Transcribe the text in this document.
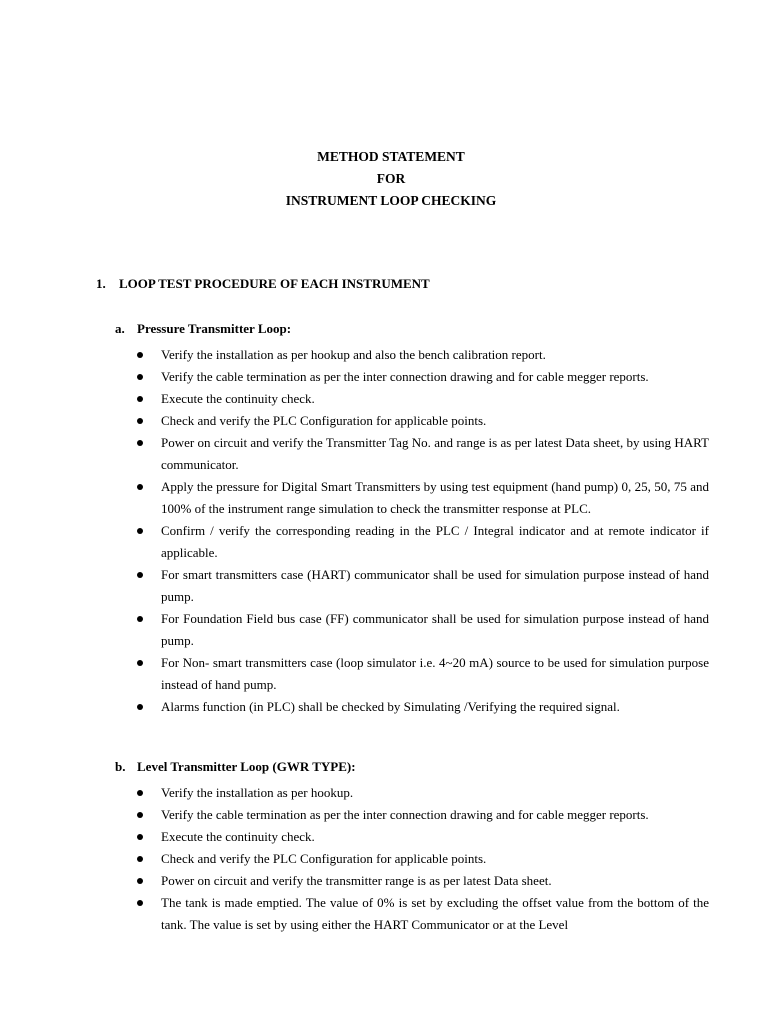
METHOD STATEMENT
FOR
INSTRUMENT LOOP CHECKING
1. LOOP TEST PROCEDURE OF EACH INSTRUMENT
a. Pressure Transmitter Loop:
Verify the installation as per hookup and also the bench calibration report.
Verify the cable termination as per the inter connection drawing and for cable megger reports.
Execute the continuity check.
Check and verify the PLC Configuration for applicable points.
Power on circuit and verify the Transmitter Tag No. and range is as per latest Data sheet, by using HART communicator.
Apply the pressure for Digital Smart Transmitters by using test equipment (hand pump) 0, 25, 50, 75 and 100% of the instrument range simulation to check the transmitter response at PLC.
Confirm / verify the corresponding reading in the PLC / Integral indicator and at remote indicator if applicable.
For smart transmitters case (HART) communicator shall be used for simulation purpose instead of hand pump.
For Foundation Field bus case (FF) communicator shall be used for simulation purpose instead of hand pump.
For Non- smart transmitters case (loop simulator i.e. 4~20 mA) source to be used for simulation purpose instead of hand pump.
Alarms function (in PLC) shall be checked by Simulating /Verifying the required signal.
b. Level Transmitter Loop (GWR TYPE):
Verify the installation as per hookup.
Verify the cable termination as per the inter connection drawing and for cable megger reports.
Execute the continuity check.
Check and verify the PLC Configuration for applicable points.
Power on circuit and verify the transmitter range is as per latest Data sheet.
The tank is made emptied. The value of 0% is set by excluding the offset value from the bottom of the tank. The value is set by using either the HART Communicator or at the Level
